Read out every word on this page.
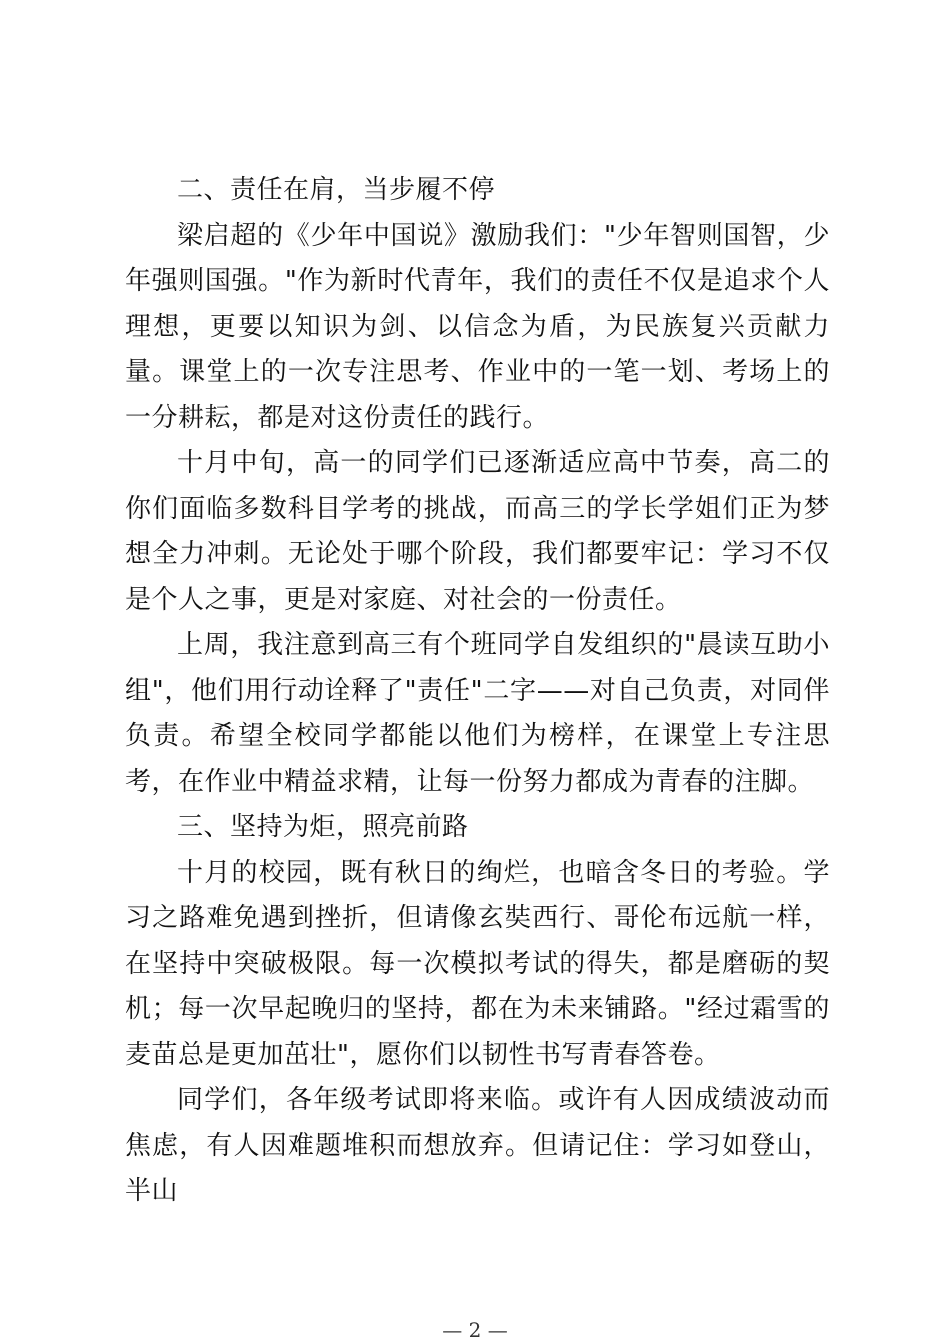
二、责任在肩，当步履不停

梁启超的《少年中国说》激励我们："少年智则国智，少年强则国强。"作为新时代青年，我们的责任不仅是追求个人理想，更要以知识为剑、以信念为盾，为民族复兴贡献力量。课堂上的一次专注思考、作业中的一笔一划、考场上的一分耕耘，都是对这份责任的践行。

十月中旬，高一的同学们已逐渐适应高中节奏，高二的你们面临多数科目学考的挑战，而高三的学长学姐们正为梦想全力冲刺。无论处于哪个阶段，我们都要牢记：学习不仅是个人之事，更是对家庭、对社会的一份责任。

上周，我注意到高三有个班同学自发组织的"晨读互助小组"，他们用行动诠释了"责任"二字——对自己负责，对同伴负责。希望全校同学都能以他们为榜样，在课堂上专注思考，在作业中精益求精，让每一份努力都成为青春的注脚。

三、坚持为炬，照亮前路

十月的校园，既有秋日的绚烂，也暗含冬日的考验。学习之路难免遇到挫折，但请像玄奘西行、哥伦布远航一样，在坚持中突破极限。每一次模拟考试的得失，都是磨砺的契机；每一次早起晚归的坚持，都在为未来铺路。"经过霜雪的麦苗总是更加茁壮"，愿你们以韧性书写青春答卷。

同学们，各年级考试即将来临。或许有人因成绩波动而焦虑，有人因难题堆积而想放弃。但请记住：学习如登山，半山

— 2 —
